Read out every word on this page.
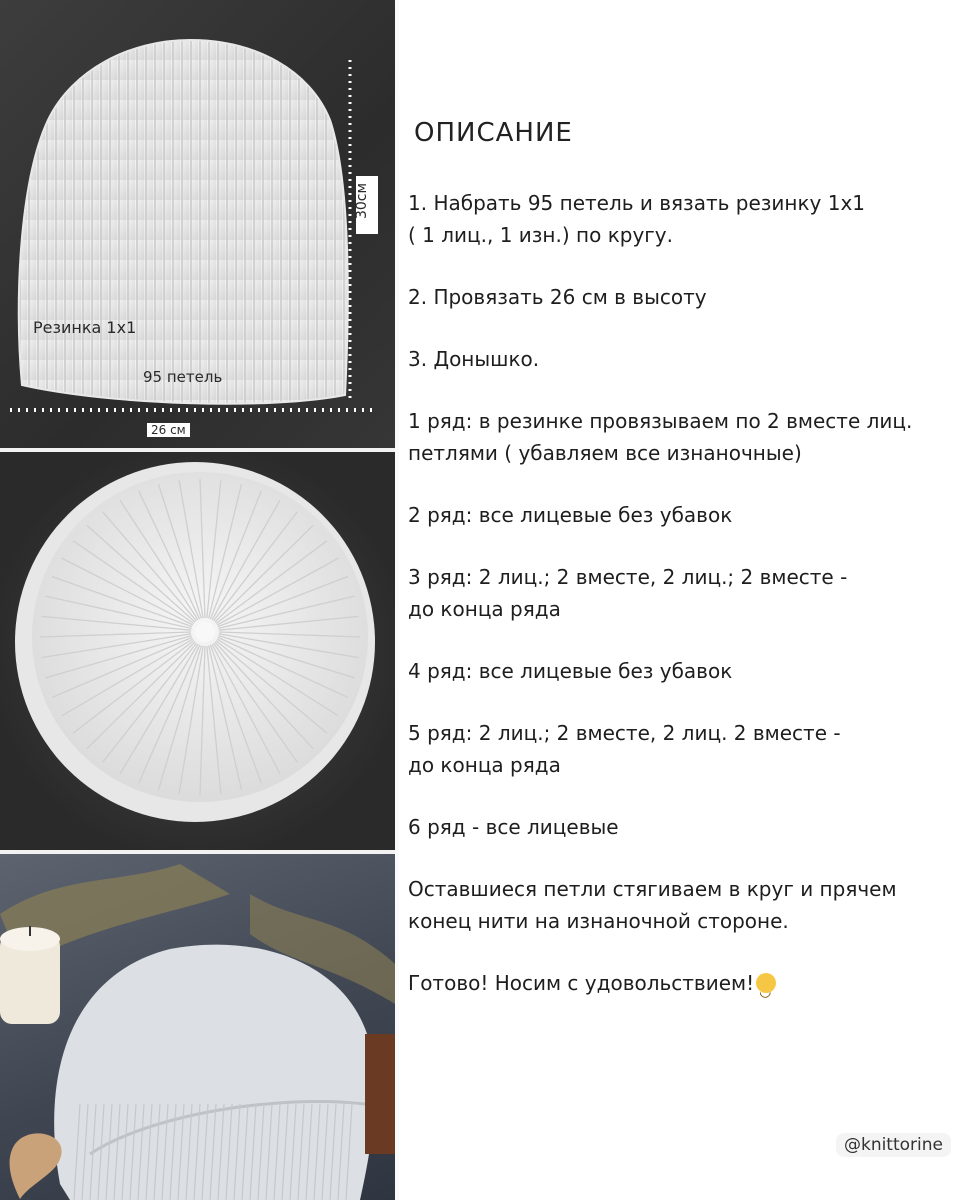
30см
Резинка 1х1
95 петель
26 см
ОПИСАНИЕ
1. Набрать 95 петель и вязать резинку 1х1
( 1 лиц., 1 изн.) по кругу.
2. Провязать 26 см в высоту
3. Донышко.
1 ряд: в резинке провязываем по 2 вместе лиц.
петлями ( убавляем все изнаночные)
2 ряд: все лицевые без убавок
3 ряд: 2 лиц.; 2 вместе, 2 лиц.; 2 вместе -
до конца ряда
4 ряд: все лицевые без убавок
5 ряд: 2 лиц.; 2 вместе, 2 лиц. 2 вместе -
до конца ряда
6 ряд - все лицевые
Оставшиеся петли стягиваем в круг и прячем
конец нити на изнаночной стороне.
Готово! Носим с удовольствием!◡
@knittorine
